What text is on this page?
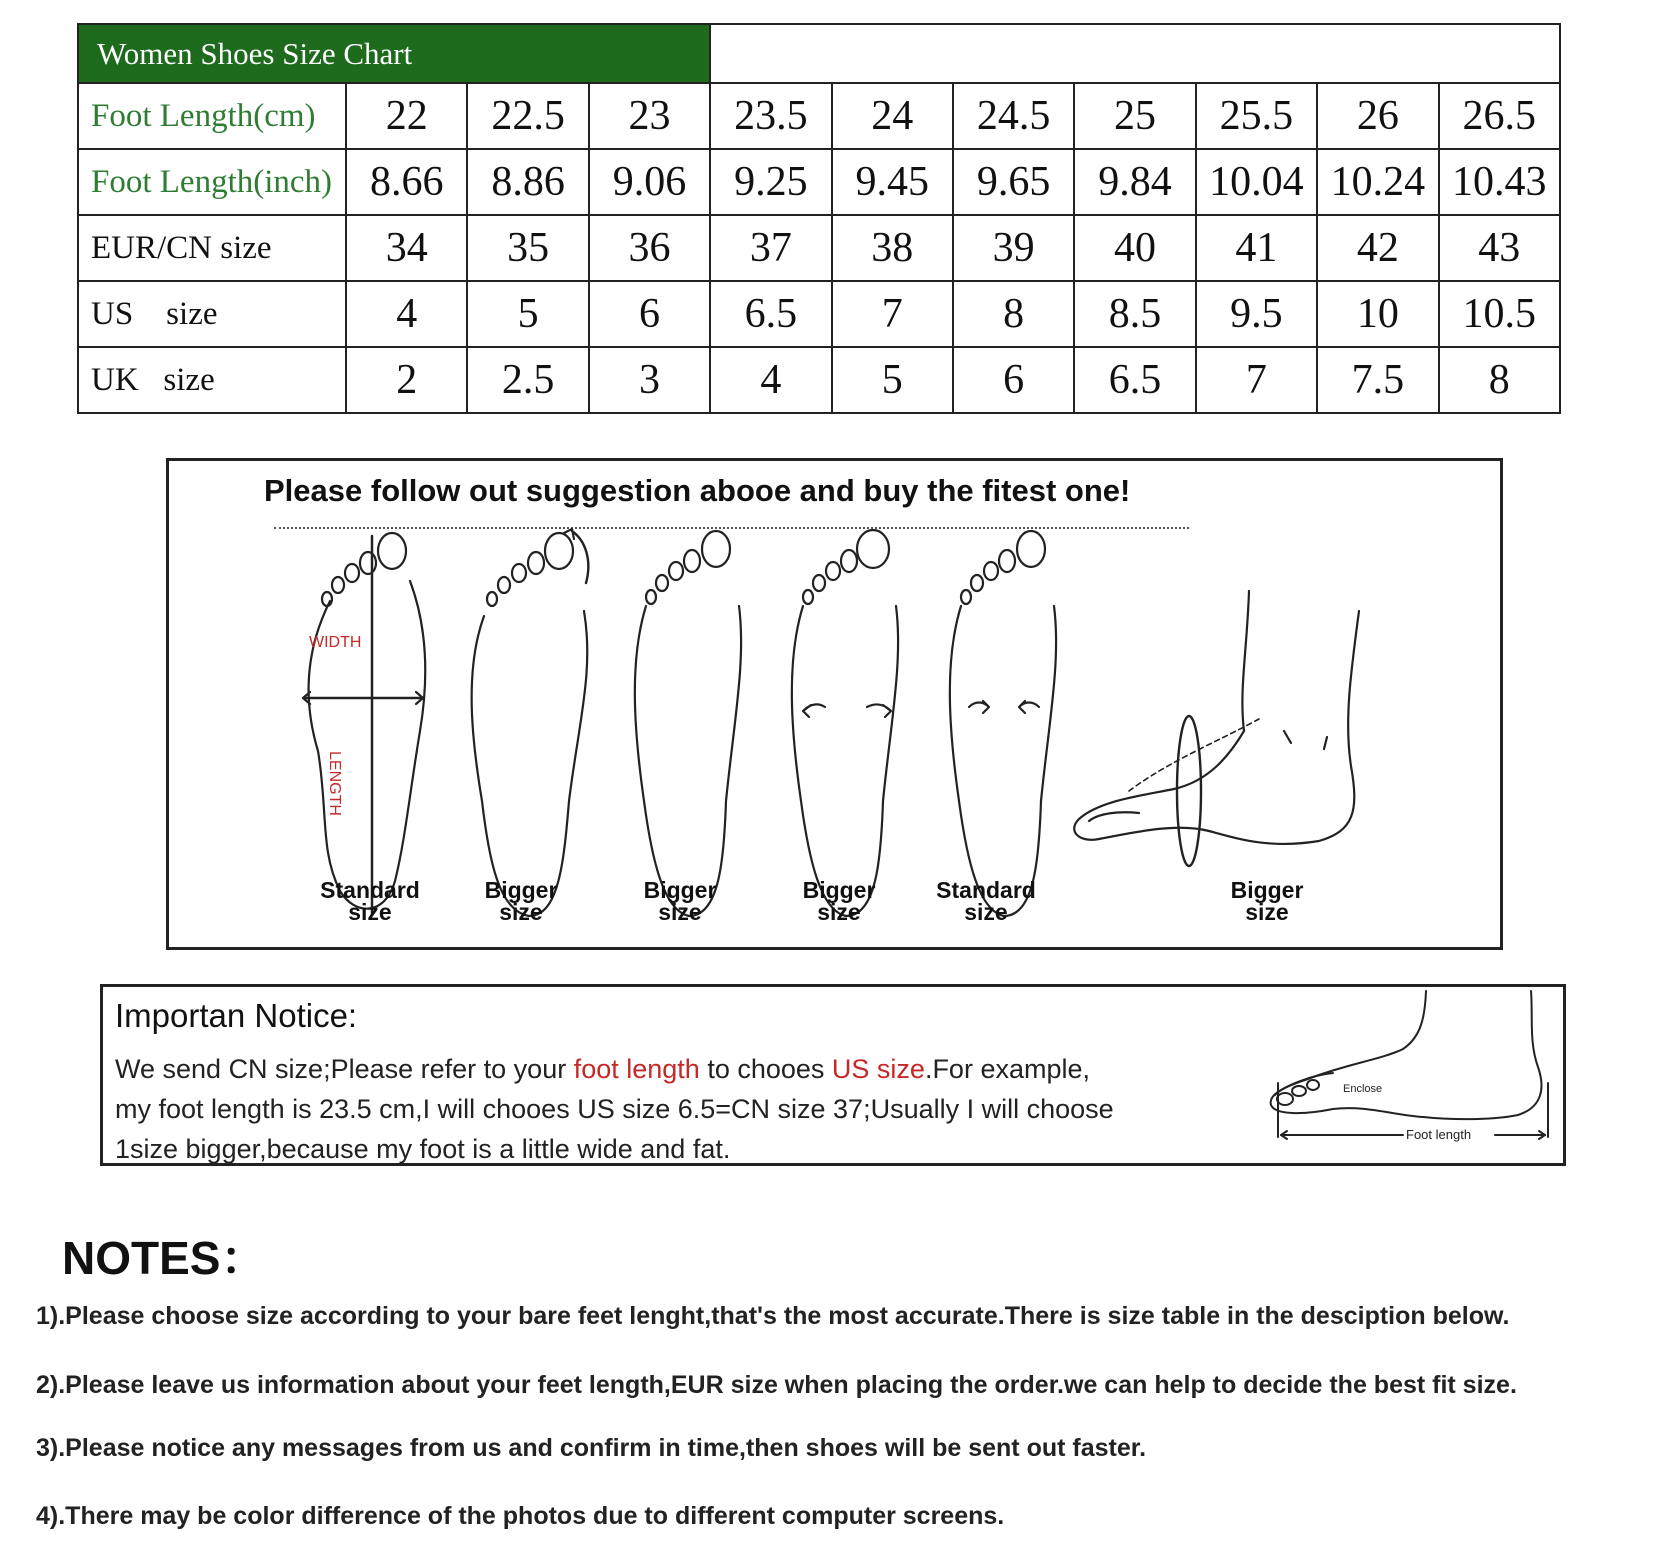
Women Shoes Size Chart										
Foot Length(cm)	22	22.5	23	23.5	24	24.5	25	25.5	26	26.5
Foot Length(inch)	8.66	8.86	9.06	9.25	9.45	9.65	9.84	10.04	10.24	10.43
EUR/CN size	34	35	36	37	38	39	40	41	42	43
US    size	4	5	6	6.5	7	8	8.5	9.5	10	10.5
UK   size	2	2.5	3	4	5	6	6.5	7	7.5	8
Please follow out suggestion abooe and buy the fitest one!
WIDTH
LENGTH
Standard
size
Bigger
size
Bigger
size
Bigger
size
Standard
size
Bigger
size
Importan Notice:
We send CN size;Please refer to your foot length to chooes US size.For example,
my foot length is 23.5 cm,I will chooes US size 6.5=CN size 37;Usually I will choose
1size bigger,because my foot is a little wide and fat.
Enclose
Foot length
NOTES：
1).Please choose size according to your bare feet lenght,that's the most accurate.There is size table in the desciption below.
2).Please leave us information about your feet length,EUR size when placing the order.we can help to decide the best fit size.
3).Please notice any messages from us and confirm in time,then shoes will be sent out faster.
4).There may be color difference of the photos due to different computer screens.
